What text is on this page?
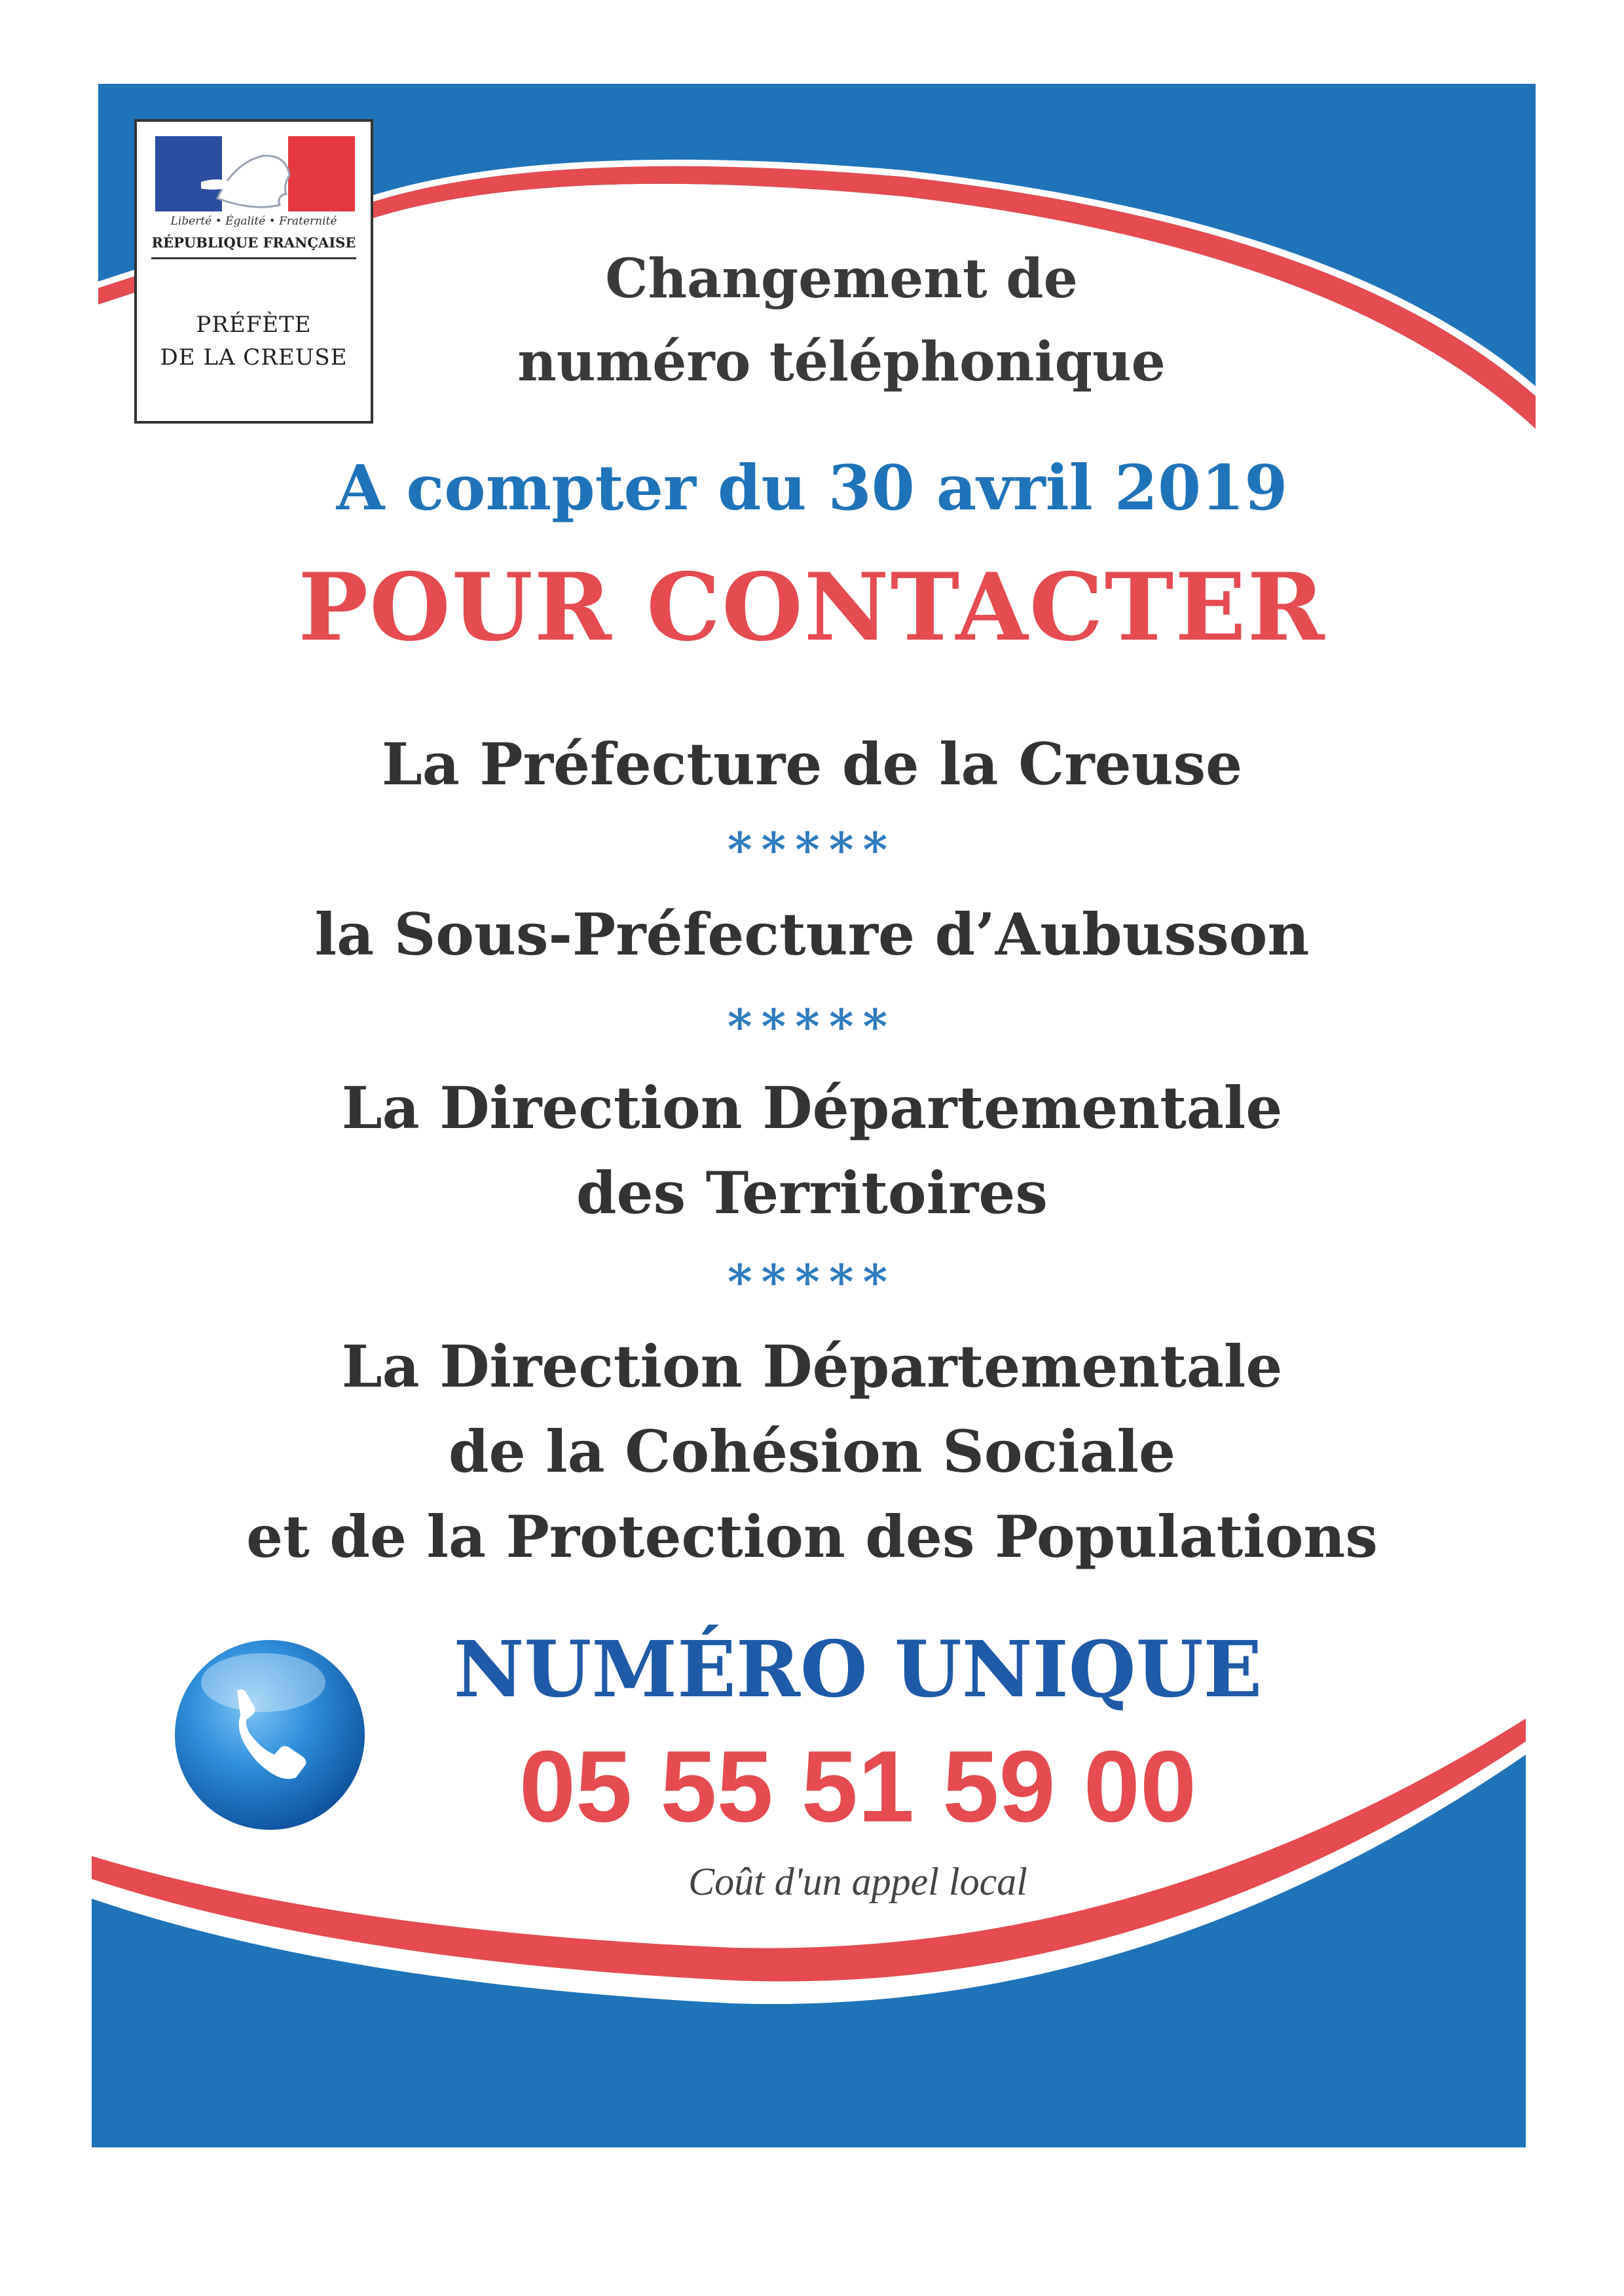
Liberté • Égalité • Fraternité
RÉPUBLIQUE FRANÇAISE
PRÉFÈTE
DE LA CREUSE
Changement de
numéro téléphonique
A compter du 30 avril 2019
POUR CONTACTER
La Préfecture de la Creuse
*****
la Sous-Préfecture d’Aubusson
*****
La Direction Départementale
des Territoires
*****
La Direction Départementale
de la Cohésion Sociale
et de la Protection des Populations
NUMÉRO UNIQUE
05 55 51 59 00
Coût d'un appel local
